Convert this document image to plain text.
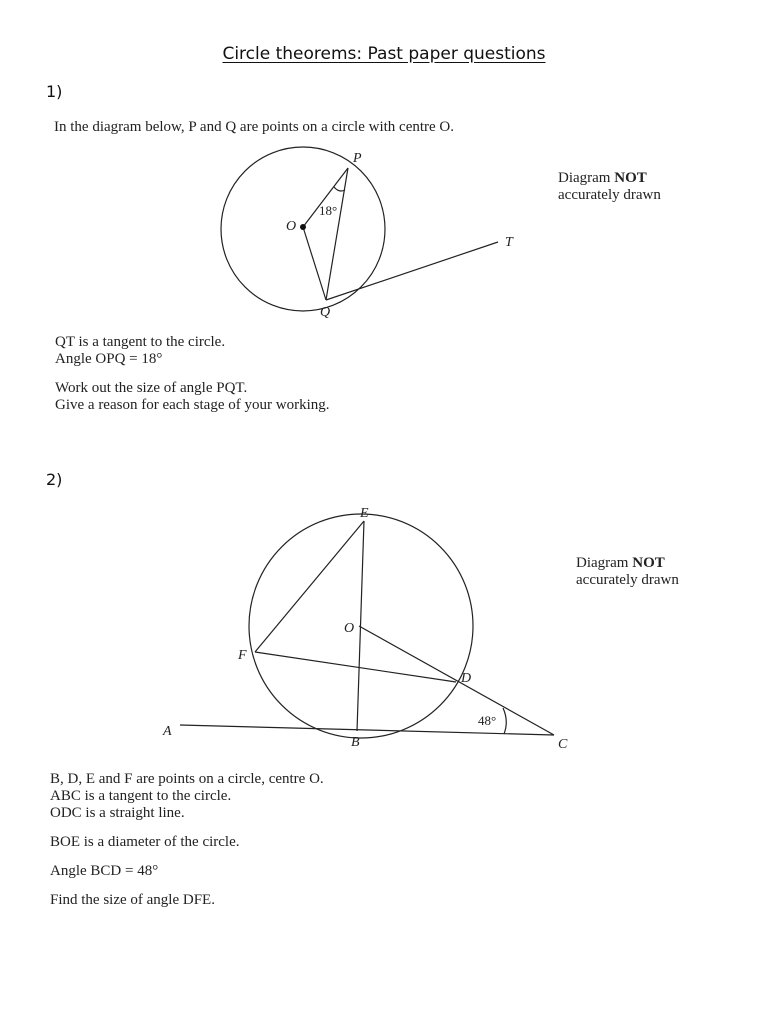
Circle theorems: Past paper questions
1)
In the diagram below, P and Q are points on a circle with centre O.
P
O
Q
T
18°
Diagram NOT
accurately drawn

QT is a tangent to the circle.

Angle OPQ = 18°

Work out the size of angle PQT.

Give a reason for each stage of your working.

2)
E
O
F
D
A
B	C
48°
Diagram NOT
accurately drawn

B, D, E and F are points on a circle, centre O.

ABC is a tangent to the circle.

ODC is a straight line.

BOE is a diameter of the circle.

Angle BCD = 48°

Find the size of angle DFE.
